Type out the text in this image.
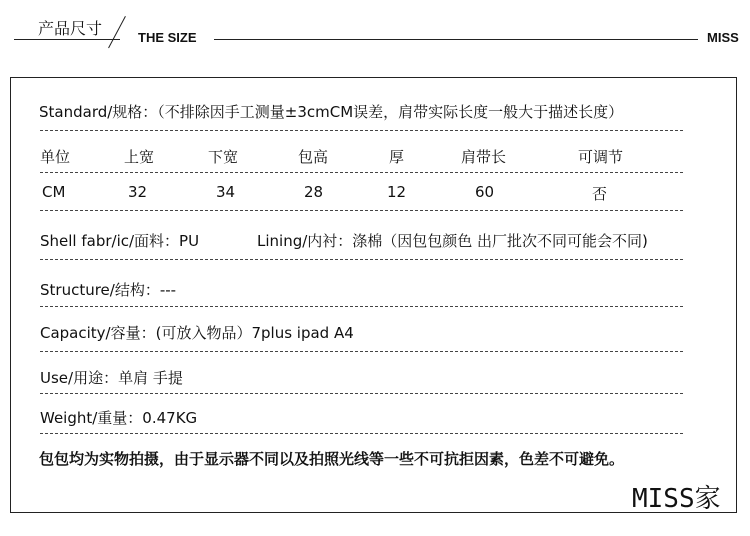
产品尺寸	THE SIZE	MISS
Standard/规格：（不排除因手工测量±3cmCM误差，肩带实际长度一般大于描述长度）
单位	上宽	下宽	包高	厚	肩带长	可调节
CM	32	34	28	12	60	否
Shell fabr/ic/面料：PU	Lining/内衬：涤棉（因包包颜色 出厂批次不同可能会不同)
Structure/结构：---
Capacity/容量：(可放入物品）7plus ipad A4
Use/用途：单肩 手提
Weight/重量：0.47KG
包包均为实物拍摄，由于显示器不同以及拍照光线等一些不可抗拒因素，色差不可避免。
MISS家
